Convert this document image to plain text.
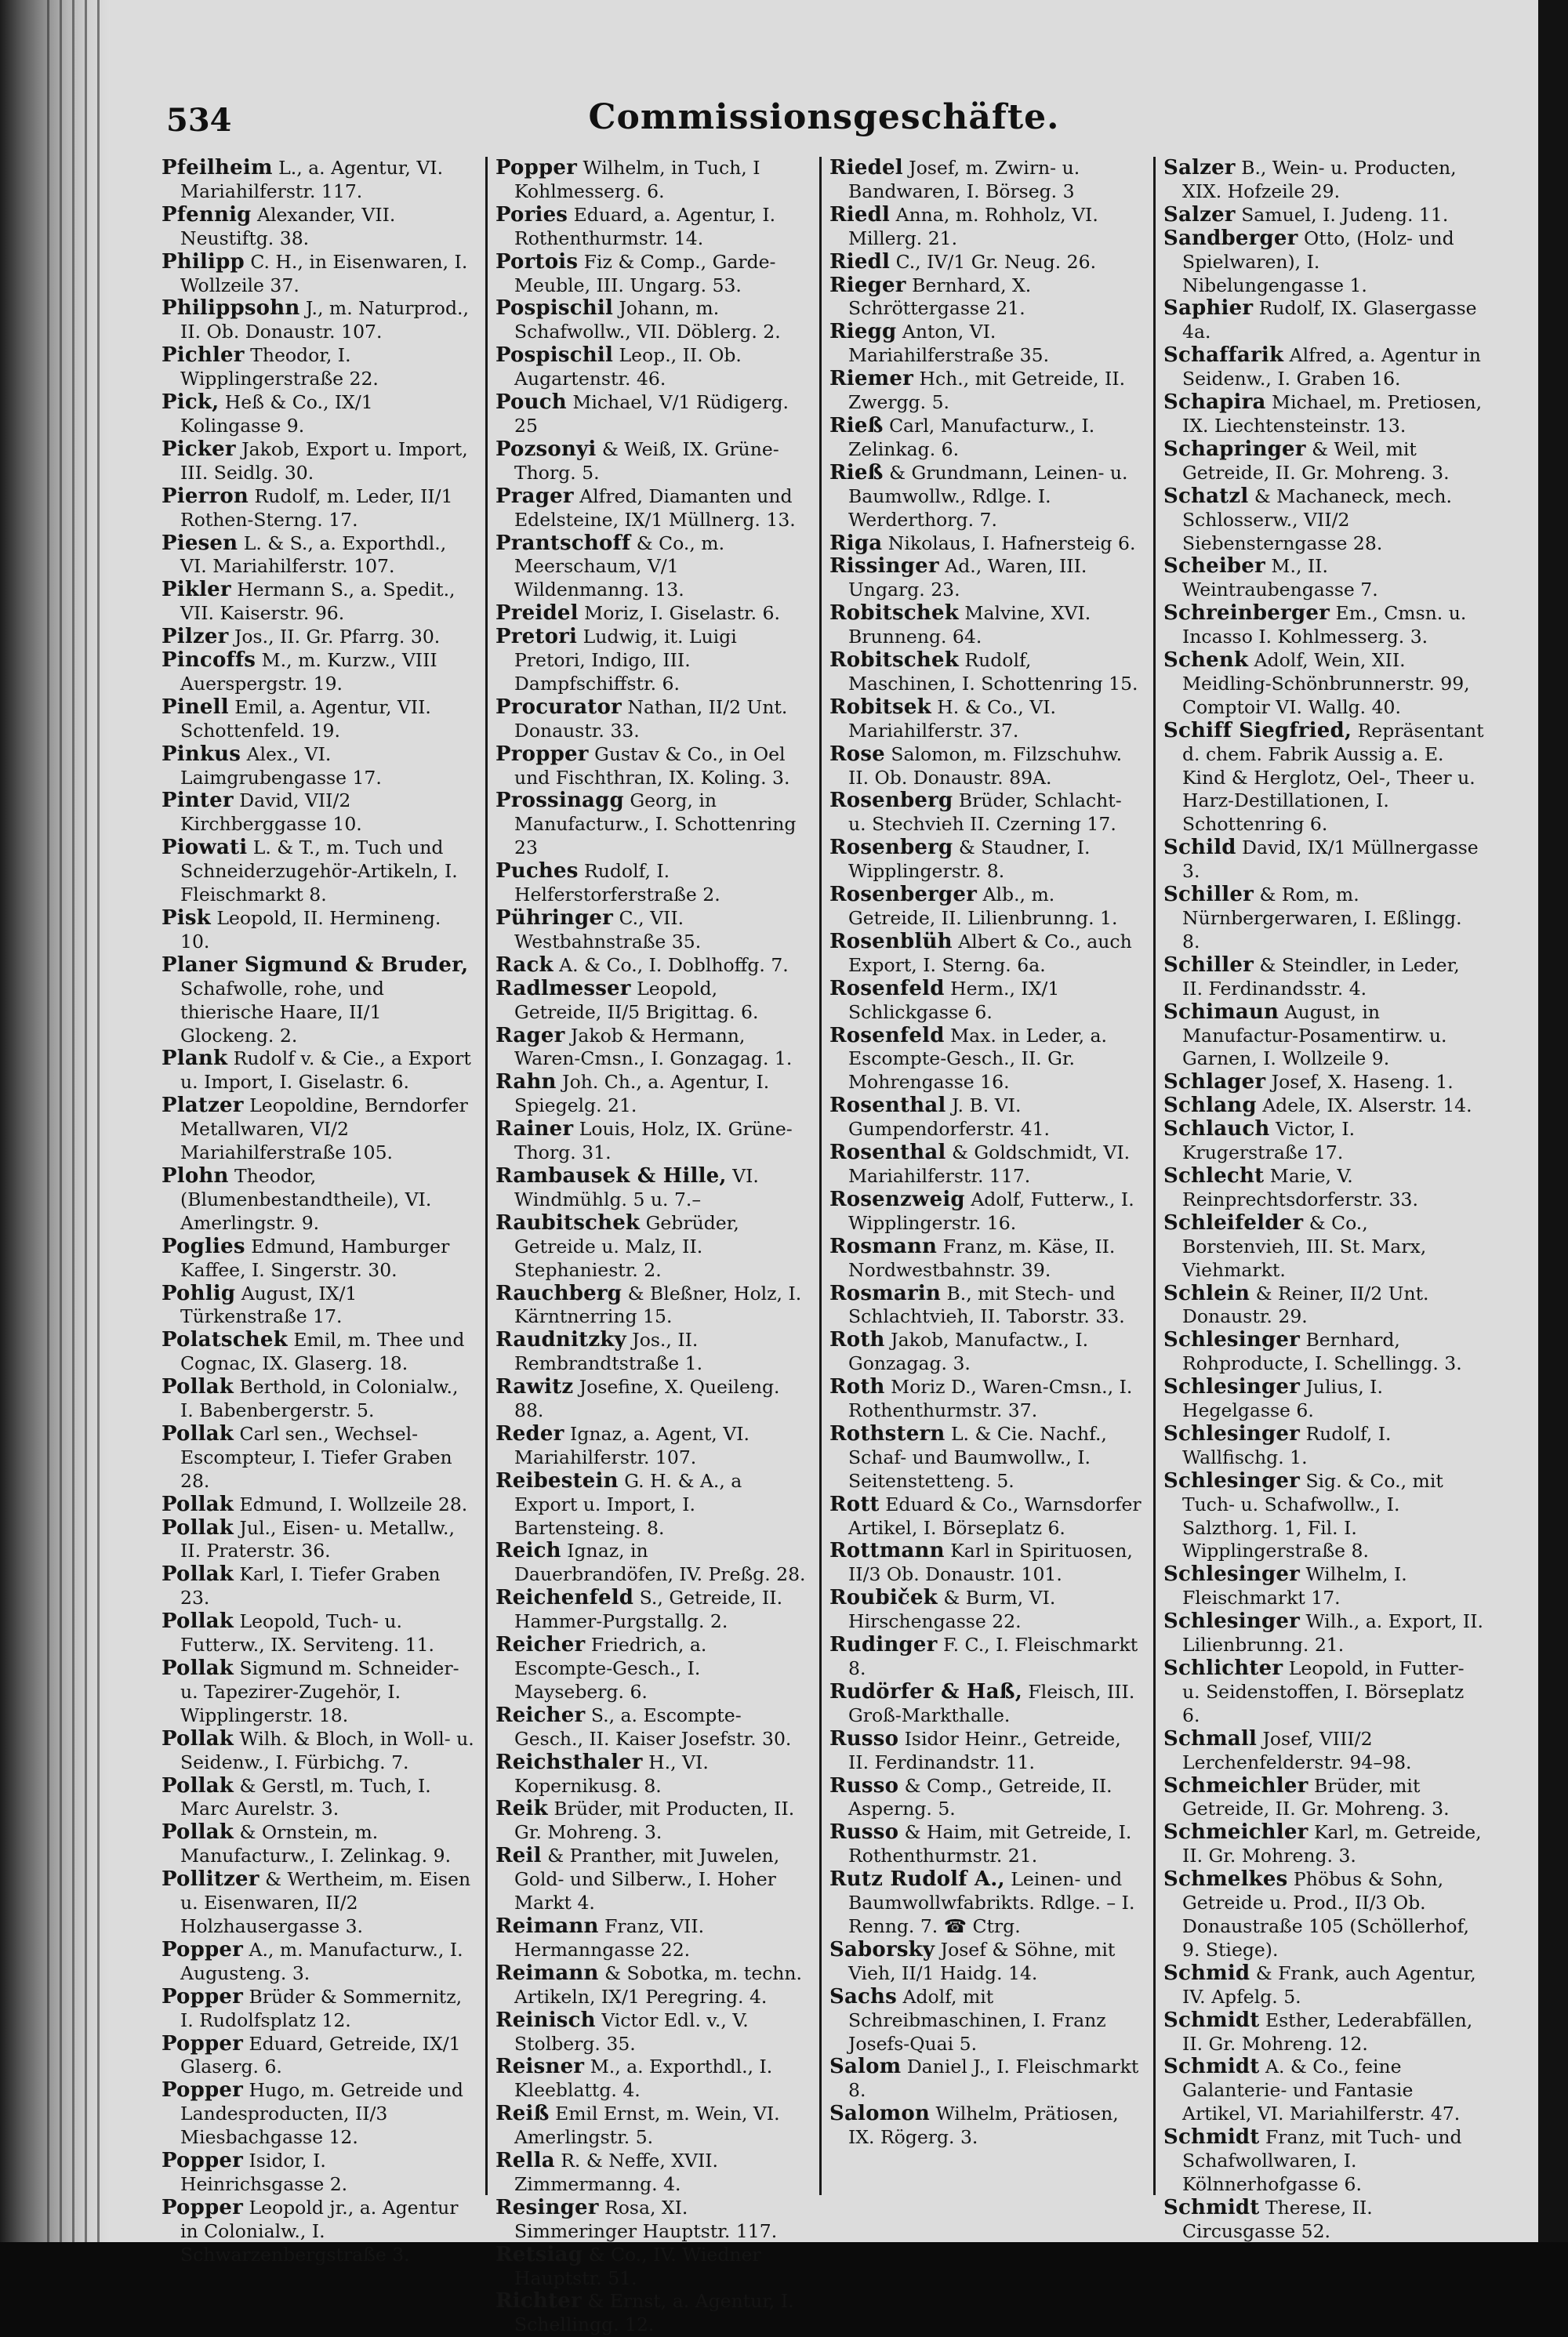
534	Commissionsgeschäfte.

Pfeilheim L., a. Agentur, VI. Mariahilferstr. 117.

Pfennig Alexander, VII. Neustiftg. 38.

Philipp C. H., in Eisenwaren, I. Wollzeile 37.

Philippsohn J., m. Naturprod., II. Ob. Donaustr. 107.

Pichler Theodor, I. Wipplingerstraße 22.

Pick, Heß & Co., IX/1 Kolingasse 9.

Picker Jakob, Export u. Import, III. Seidlg. 30.

Pierron Rudolf, m. Leder, II/1 Rothen-Sterng. 17.

Piesen L. & S., a. Exporthdl., VI. Mariahilferstr. 107.

Pikler Hermann S., a. Spedit., VII. Kaiserstr. 96.

Pilzer Jos., II. Gr. Pfarrg. 30.

Pincoffs M., m. Kurzw., VIII Auerspergstr. 19.

Pinell Emil, a. Agentur, VII. Schottenfeld. 19.

Pinkus Alex., VI. Laimgrubengasse 17.

Pinter David, VII/2 Kirchberggasse 10.

Piowati L. & T., m. Tuch und Schneiderzugehör-Artikeln, I. Fleischmarkt 8.

Pisk Leopold, II. Hermineng. 10.

Planer Sigmund & Bruder, Schafwolle, rohe, und thierische Haare, II/1 Glockeng. 2.

Plank Rudolf v. & Cie., a Export u. Import, I. Giselastr. 6.

Platzer Leopoldine, Berndorfer Metallwaren, VI/2 Mariahilferstraße 105.

Plohn Theodor, (Blumenbestandtheile), VI. Amerlingstr. 9.

Poglies Edmund, Hamburger Kaffee, I. Singerstr. 30.

Pohlig August, IX/1 Türkenstraße 17.

Polatschek Emil, m. Thee und Cognac, IX. Glaserg. 18.

Pollak Berthold, in Colonialw., I. Babenbergerstr. 5.

Pollak Carl sen., Wechsel-Escompteur, I. Tiefer Graben 28.

Pollak Edmund, I. Wollzeile 28.

Pollak Jul., Eisen- u. Metallw., II. Praterstr. 36.

Pollak Karl, I. Tiefer Graben 23.

Pollak Leopold, Tuch- u. Futterw., IX. Serviteng. 11.

Pollak Sigmund m. Schneider- u. Tapezirer-Zugehör, I. Wipplingerstr. 18.

Pollak Wilh. & Bloch, in Woll- u. Seidenw., I. Fürbichg. 7.

Pollak & Gerstl, m. Tuch, I. Marc Aurelstr. 3.

Pollak & Ornstein, m. Manufacturw., I. Zelinkag. 9.

Pollitzer & Wertheim, m. Eisen u. Eisenwaren, II/2 Holzhausergasse 3.

Popper A., m. Manufacturw., I. Augusteng. 3.

Popper Brüder & Sommernitz, I. Rudolfsplatz 12.

Popper Eduard, Getreide, IX/1 Glaserg. 6.

Popper Hugo, m. Getreide und Landesproducten, II/3 Miesbachgasse 12.

Popper Isidor, I. Heinrichsgasse 2.

Popper Leopold jr., a. Agentur in Colonialw., I. Schwarzenbergstraße 3.

Popper Wilhelm, in Tuch, I Kohlmesserg. 6.

Pories Eduard, a. Agentur, I. Rothenthurmstr. 14.

Portois Fiz & Comp., Garde-Meuble, III. Ungarg. 53.

Pospischil Johann, m. Schafwollw., VII. Döblerg. 2.

Pospischil Leop., II. Ob. Augartenstr. 46.

Pouch Michael, V/1 Rüdigerg. 25

Pozsonyi & Weiß, IX. Grüne-Thorg. 5.

Prager Alfred, Diamanten und Edelsteine, IX/1 Müllnerg. 13.

Prantschoff & Co., m. Meerschaum, V/1 Wildenmanng. 13.

Preidel Moriz, I. Giselastr. 6.

Pretori Ludwig, it. Luigi Pretori, Indigo, III. Dampfschiffstr. 6.

Procurator Nathan, II/2 Unt. Donaustr. 33.

Propper Gustav & Co., in Oel und Fischthran, IX. Koling. 3.

Prossinagg Georg, in Manufacturw., I. Schottenring 23

Puches Rudolf, I. Helferstorferstraße 2.

Pühringer C., VII. Westbahnstraße 35.

Rack A. & Co., I. Doblhoffg. 7.

Radlmesser Leopold, Getreide, II/5 Brigittag. 6.

Rager Jakob & Hermann, Waren-Cmsn., I. Gonzagag. 1.

Rahn Joh. Ch., a. Agentur, I. Spiegelg. 21.

Rainer Louis, Holz, IX. Grüne-Thorg. 31.

Rambausek & Hille, VI. Windmühlg. 5 u. 7.–

Raubitschek Gebrüder, Getreide u. Malz, II. Stephaniestr. 2.

Rauchberg & Bleßner, Holz, I. Kärntnerring 15.

Raudnitzky Jos., II. Rembrandtstraße 1.

Rawitz Josefine, X. Queileng. 88.

Reder Ignaz, a. Agent, VI. Mariahilferstr. 107.

Reibestein G. H. & A., a Export u. Import, I. Bartensteing. 8.

Reich Ignaz, in Dauerbrandöfen, IV. Preßg. 28.

Reichenfeld S., Getreide, II. Hammer-Purgstallg. 2.

Reicher Friedrich, a. Escompte-Gesch., I. Mayseberg. 6.

Reicher S., a. Escompte-Gesch., II. Kaiser Josefstr. 30.

Reichsthaler H., VI. Kopernikusg. 8.

Reik Brüder, mit Producten, II. Gr. Mohreng. 3.

Reil & Pranther, mit Juwelen, Gold- und Silberw., I. Hoher Markt 4.

Reimann Franz, VII. Hermanngasse 22.

Reimann & Sobotka, m. techn. Artikeln, IX/1 Peregring. 4.

Reinisch Victor Edl. v., V. Stolberg. 35.

Reisner M., a. Exporthdl., I. Kleeblattg. 4.

Reiß Emil Ernst, m. Wein, VI. Amerlingstr. 5.

Rella R. & Neffe, XVII. Zimmermanng. 4.

Resinger Rosa, XI. Simmeringer Hauptstr. 117.

Retsiag & Co., IV. Wiedner Hauptstr. 51.

Richter & Ernst, a. Agentur, I. Schellingg. 12.

Riedel Josef, m. Zwirn- u. Bandwaren, I. Börseg. 3

Riedl Anna, m. Rohholz, VI. Millerg. 21.

Riedl C., IV/1 Gr. Neug. 26.

Rieger Bernhard, X. Schröttergasse 21.

Riegg Anton, VI. Mariahilferstraße 35.

Riemer Hch., mit Getreide, II. Zwergg. 5.

Rieß Carl, Manufacturw., I. Zelinkag. 6.

Rieß & Grundmann, Leinen- u. Baumwollw., Rdlge. I. Werderthorg. 7.

Riga Nikolaus, I. Hafnersteig 6.

Rissinger Ad., Waren, III. Ungarg. 23.

Robitschek Malvine, XVI. Brunneng. 64.

Robitschek Rudolf, Maschinen, I. Schottenring 15.

Robitsek H. & Co., VI. Mariahilferstr. 37.

Rose Salomon, m. Filzschuhw. II. Ob. Donaustr. 89A.

Rosenberg Brüder, Schlacht- u. Stechvieh II. Czerning 17.

Rosenberg & Staudner, I. Wipplingerstr. 8.

Rosenberger Alb., m. Getreide, II. Lilienbrunng. 1.

Rosenblüh Albert & Co., auch Export, I. Sterng. 6a.

Rosenfeld Herm., IX/1 Schlickgasse 6.

Rosenfeld Max. in Leder, a. Escompte-Gesch., II. Gr. Mohrengasse 16.

Rosenthal J. B. VI. Gumpendorferstr. 41.

Rosenthal & Goldschmidt, VI. Mariahilferstr. 117.

Rosenzweig Adolf, Futterw., I. Wipplingerstr. 16.

Rosmann Franz, m. Käse, II. Nordwestbahnstr. 39.

Rosmarin B., mit Stech- und Schlachtvieh, II. Taborstr. 33.

Roth Jakob, Manufactw., I. Gonzagag. 3.

Roth Moriz D., Waren-Cmsn., I. Rothenthurmstr. 37.

Rothstern L. & Cie. Nachf., Schaf- und Baumwollw., I. Seitenstetteng. 5.

Rott Eduard & Co., Warnsdorfer Artikel, I. Börseplatz 6.

Rottmann Karl in Spirituosen, II/3 Ob. Donaustr. 101.

Roubiček & Burm, VI. Hirschengasse 22.

Rudinger F. C., I. Fleischmarkt 8.

Rudörfer & Haß, Fleisch, III. Groß-Markthalle.

Russo Isidor Heinr., Getreide, II. Ferdinandstr. 11.

Russo & Comp., Getreide, II. Asperng. 5.

Russo & Haim, mit Getreide, I. Rothenthurmstr. 21.

Rutz Rudolf A., Leinen- und Baumwollwfabrikts. Rdlge. – I. Renng. 7. ☎ Ctrg.

Saborsky Josef & Söhne, mit Vieh, II/1 Haidg. 14.

Sachs Adolf, mit Schreibmaschinen, I. Franz Josefs-Quai 5.

Salom Daniel J., I. Fleischmarkt 8.

Salomon Wilhelm, Prätiosen, IX. Rögerg. 3.

Salzer B., Wein- u. Producten, XIX. Hofzeile 29.

Salzer Samuel, I. Judeng. 11.

Sandberger Otto, (Holz- und Spielwaren), I. Nibelungengasse 1.

Saphier Rudolf, IX. Glasergasse 4a.

Schaffarik Alfred, a. Agentur in Seidenw., I. Graben 16.

Schapira Michael, m. Pretiosen, IX. Liechtensteinstr. 13.

Schapringer & Weil, mit Getreide, II. Gr. Mohreng. 3.

Schatzl & Machaneck, mech. Schlosserw., VII/2 Siebensterngasse 28.

Scheiber M., II. Weintraubengasse 7.

Schreinberger Em., Cmsn. u. Incasso I. Kohlmesserg. 3.

Schenk Adolf, Wein, XII. Meidling-Schönbrunnerstr. 99, Comptoir VI. Wallg. 40.

Schiff Siegfried, Repräsentant d. chem. Fabrik Aussig a. E. Kind & Herglotz, Oel-, Theer u. Harz-Destillationen, I. Schottenring 6.

Schild David, IX/1 Müllnergasse 3.

Schiller & Rom, m. Nürnbergerwaren, I. Eßlingg. 8.

Schiller & Steindler, in Leder, II. Ferdinandsstr. 4.

Schimaun August, in Manufactur-Posamentirw. u. Garnen, I. Wollzeile 9.

Schlager Josef, X. Haseng. 1.

Schlang Adele, IX. Alserstr. 14.

Schlauch Victor, I. Krugerstraße 17.

Schlecht Marie, V. Reinprechtsdorferstr. 33.

Schleifelder & Co., Borstenvieh, III. St. Marx, Viehmarkt.

Schlein & Reiner, II/2 Unt. Donaustr. 29.

Schlesinger Bernhard, Rohproducte, I. Schellingg. 3.

Schlesinger Julius, I. Hegelgasse 6.

Schlesinger Rudolf, I. Wallfischg. 1.

Schlesinger Sig. & Co., mit Tuch- u. Schafwollw., I. Salzthorg. 1, Fil. I. Wipplingerstraße 8.

Schlesinger Wilhelm, I. Fleischmarkt 17.

Schlesinger Wilh., a. Export, II. Lilienbrunng. 21.

Schlichter Leopold, in Futter- u. Seidenstoffen, I. Börseplatz 6.

Schmall Josef, VIII/2 Lerchenfelderstr. 94–98.

Schmeichler Brüder, mit Getreide, II. Gr. Mohreng. 3.

Schmeichler Karl, m. Getreide, II. Gr. Mohreng. 3.

Schmelkes Phöbus & Sohn, Getreide u. Prod., II/3 Ob. Donaustraße 105 (Schöllerhof, 9. Stiege).

Schmid & Frank, auch Agentur, IV. Apfelg. 5.

Schmidt Esther, Lederabfällen, II. Gr. Mohreng. 12.

Schmidt A. & Co., feine Galanterie- und Fantasie Artikel, VI. Mariahilferstr. 47.

Schmidt Franz, mit Tuch- und Schafwollwaren, I. Kölnnerhofgasse 6.

Schmidt Therese, II. Circusgasse 52.
